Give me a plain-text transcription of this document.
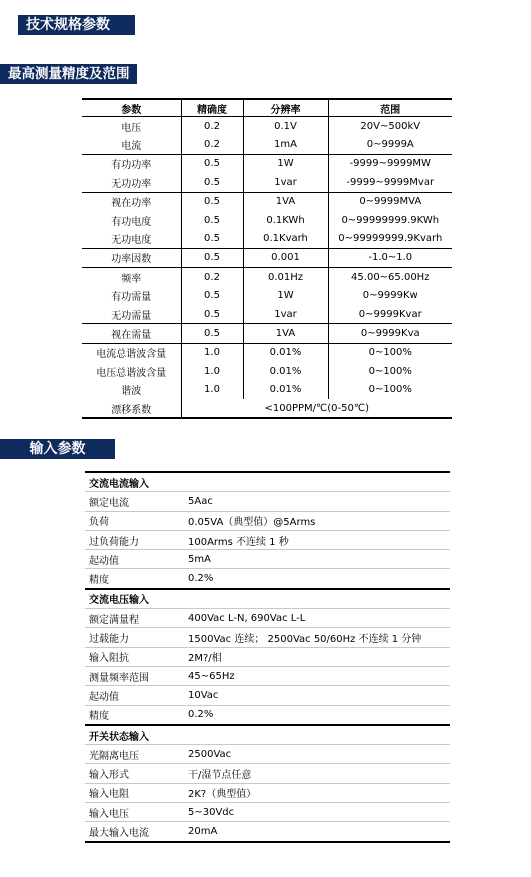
技术规格参数
最高测量精度及范围
参数	精确度	分辨率	范围
电压	0.2	0.1V	20V~500kV
电流	0.2	1mA	0~9999A
有功功率	0.5	1W	-9999~9999MW
无功功率	0.5	1var	-9999~9999Mvar
视在功率	0.5	1VA	0~9999MVA
有功电度	0.5	0.1KWh	0~99999999.9KWh
无功电度	0.5	0.1Kvarh	0~99999999.9Kvarh
功率因数	0.5	0.001	-1.0~1.0
频率	0.2	0.01Hz	45.00~65.00Hz
有功需量	0.5	1W	0~9999Kw
无功需量	0.5	1var	0~9999Kvar
视在需量	0.5	1VA	0~9999Kva
电流总谐波含量	1.0	0.01%	0~100%
电压总谐波含量	1.0	0.01%	0~100%
谐波	1.0	0.01%	0~100%
漂移系数	<100PPM/℃(0-50℃)		
输入参数
交流电流输入	
额定电流	5Aac
负荷	0.05VA（典型值）@5Arms
过负荷能力	100Arms 不连续 1 秒
起动值	5mA
精度	0.2%
交流电压输入	
额定满量程	400Vac L-N, 690Vac L-L
过载能力	1500Vac 连续； 2500Vac 50/60Hz 不连续 1 分钟
输入阻抗	2M?/相
测量频率范围	45~65Hz
起动值	10Vac
精度	0.2%
开关状态输入	
光隔离电压	2500Vac
输入形式	干/湿节点任意
输入电阻	2K?（典型值）
输入电压	5~30Vdc
最大输入电流	20mA
